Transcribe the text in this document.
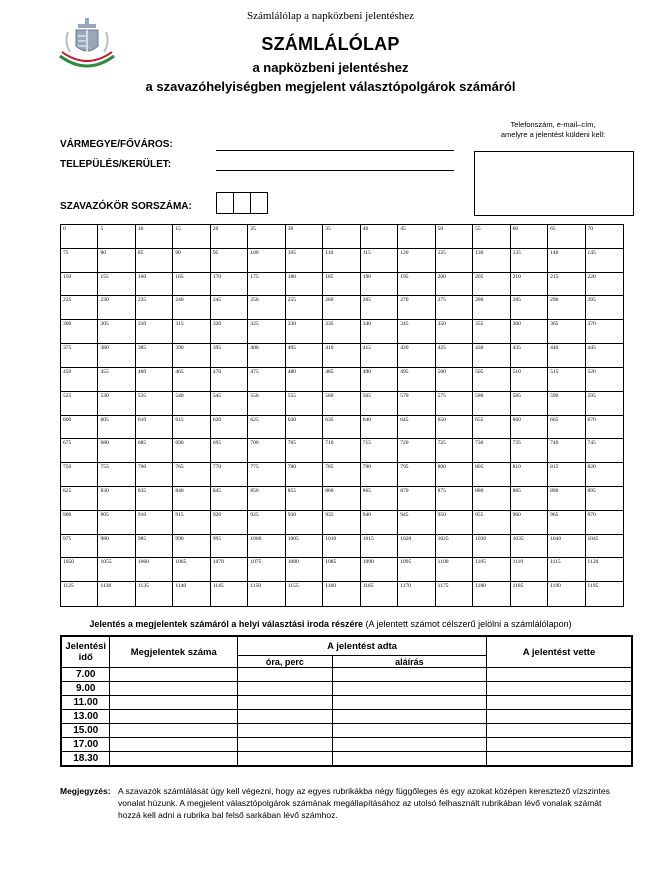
Számlálólap a napközbeni jelentéshez
SZÁMLÁLÓLAP
a napközbeni jelentéshez
a szavazóhelyiségben megjelent választópolgárok számáról
Telefonszám, e-mail–cím,
amelyre a jelentést küldeni kell:
VÁRMEGYE/FŐVÁROS:
TELEPÜLÉS/KERÜLET:
SZAVAZÓKÖR SORSZÁMA:
0	5	10	15	20	25	30	35	40	45	50	55	60	65	70
75	80	85	90	95	100	105	110	115	120	125	130	135	140	145
150	155	160	165	170	175	180	185	190	195	200	205	210	215	220
225	230	235	240	245	250	255	260	265	270	275	280	285	290	295
300	305	310	315	320	325	330	335	340	345	350	355	360	365	370
375	380	385	390	395	400	405	410	415	420	425	430	435	440	445
450	455	460	465	470	475	480	485	490	495	500	505	510	515	520
525	530	535	540	545	550	555	560	565	570	575	580	585	590	595
600	605	610	615	620	625	630	635	640	645	650	655	660	665	670
675	680	685	690	695	700	705	710	715	720	725	730	735	740	745
750	755	760	765	770	775	780	785	790	795	800	805	810	815	820
825	830	835	840	845	850	855	860	865	870	875	880	885	890	895
900	905	910	915	920	925	930	935	940	945	950	955	960	965	970
975	980	985	990	995	1000	1005	1010	1015	1020	1025	1030	1035	1040	1045
1050	1055	1060	1065	1070	1075	1080	1085	1090	1095	1100	1105	1110	1115	1120
1125	1130	1135	1140	1145	1150	1155	1160	1165	1170	1175	1180	1185	1190	1195
Jelentés a megjelentek számáról a helyi választási iroda részére (A jelentett számot célszerű jelölni a számlálólapon)
Jelentési idő	Megjelentek száma	A jelentést adta		A jelentést vette
		óra, perc	aláírás	
7.00				
9.00				
11.00				
13.00				
15.00				
17.00				
18.30				
Megjegyzés: A szavazók számlálását úgy kell végezni, hogy az egyes rubrikákba négy függőleges és egy azokat középen keresztező vízszintes vonalat húzunk. A megjelent választópolgárok számának megállapításához az utolsó felhasznált rubrikában lévő vonalak számát hozzá kell adni a rubrika bal felső sarkában lévő számhoz.
